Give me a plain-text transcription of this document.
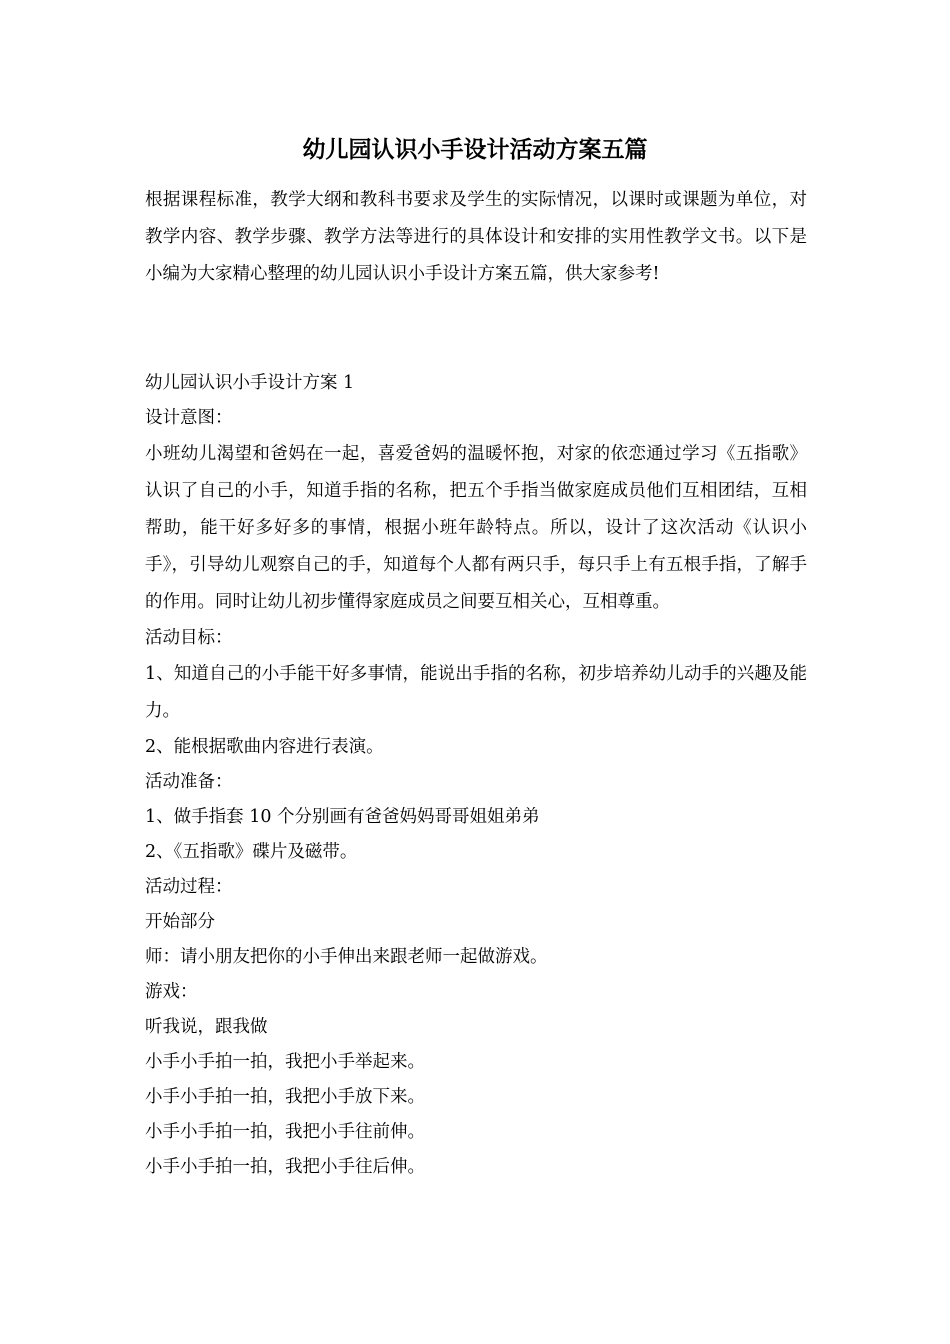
幼儿园认识小手设计活动方案五篇

根据课程标准，教学大纲和教科书要求及学生的实际情况，以课时或课题为单位，对教学内容、教学步骤、教学方法等进行的具体设计和安排的实用性教学文书。以下是小编为大家精心整理的幼儿园认识小手设计方案五篇，供大家参考!

幼儿园认识小手设计方案 1

设计意图：

小班幼儿渴望和爸妈在一起，喜爱爸妈的温暖怀抱，对家的依恋通过学习《五指歌》认识了自己的小手，知道手指的名称，把五个手指当做家庭成员他们互相团结，互相帮助，能干好多好多的事情，根据小班年龄特点。所以，设计了这次活动《认识小手》，引导幼儿观察自己的手，知道每个人都有两只手，每只手上有五根手指，了解手的作用。同时让幼儿初步懂得家庭成员之间要互相关心，互相尊重。

活动目标：

1、知道自己的小手能干好多事情，能说出手指的名称，初步培养幼儿动手的兴趣及能力。

2、能根据歌曲内容进行表演。

活动准备：

1、做手指套 10 个分别画有爸爸妈妈哥哥姐姐弟弟

2、《五指歌》碟片及磁带。

活动过程：

开始部分

师：请小朋友把你的小手伸出来跟老师一起做游戏。

游戏：

听我说，跟我做

小手小手拍一拍，我把小手举起来。

小手小手拍一拍，我把小手放下来。

小手小手拍一拍，我把小手往前伸。

小手小手拍一拍，我把小手往后伸。
